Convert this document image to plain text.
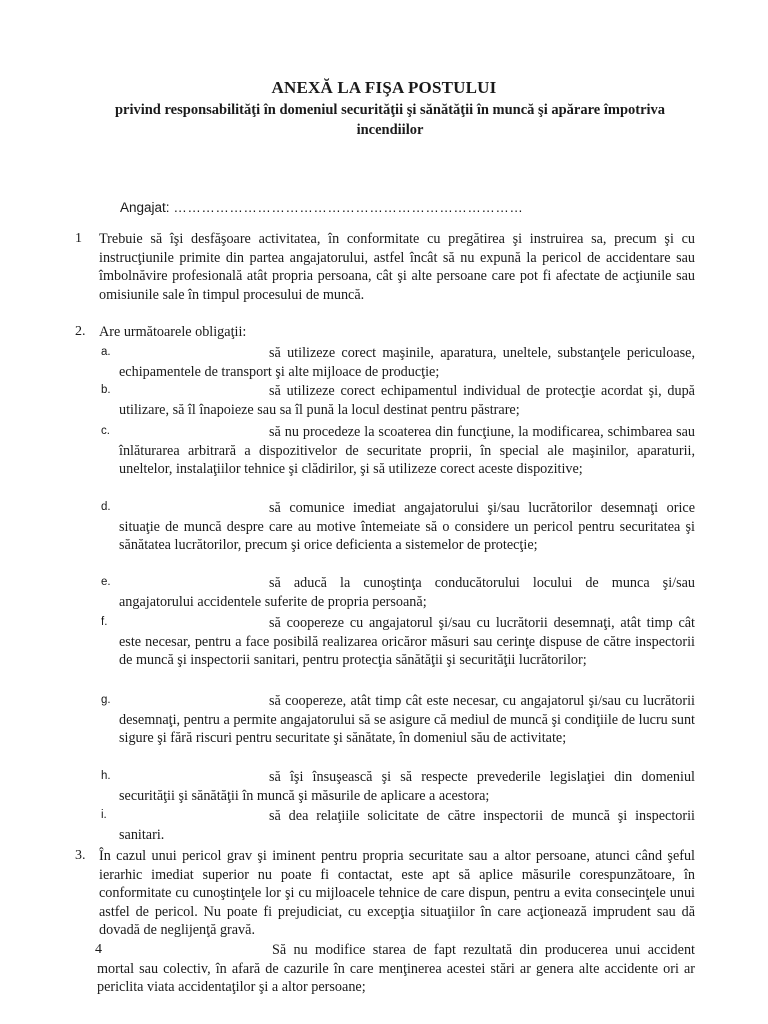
ANEXĂ LA FIŞA POSTULUI
privind responsabilităţi în domeniul securităţii şi sănătăţii în muncă şi apărare împotriva incendiilor
Angajat: …………………………………………………………………
1 Trebuie să îşi desfăşoare activitatea, în conformitate cu pregătirea şi instruirea sa, precum şi cu instrucţiunile primite din partea angajatorului, astfel încât să nu expună la pericol de accidentare sau îmbolnăvire profesională atât propria persoana, cât şi alte persoane care pot fi afectate de acţiunile sau omisiunile sale în timpul procesului de muncă.
2. Are următoarele obligaţii:
a.	să utilizeze corect maşinile, aparatura, uneltele, substanţele periculoase, echipamentele de transport şi alte mijloace de producţie;
b.	să utilizeze corect echipamentul individual de protecţie acordat şi, după utilizare, să îl înapoieze sau sa îl pună la locul destinat pentru păstrare;
c.	să nu procedeze la scoaterea din funcţiune, la modificarea, schimbarea sau înlăturarea arbitrară a dispozitivelor de securitate proprii, în special ale maşinilor, aparaturii, uneltelor, instalaţiilor tehnice şi clădirilor, şi să utilizeze corect aceste dispozitive;
d.	să comunice imediat angajatorului şi/sau lucrătorilor desemnaţi orice situaţie de muncă despre care au motive întemeiate să o considere un pericol pentru securitatea şi sănătatea lucrătorilor, precum şi orice deficienta a sistemelor de protecţie;
e.	să aducă la cunoştinţa conducătorului locului de munca şi/sau angajatorului accidentele suferite de propria persoană;
f.	să coopereze cu angajatorul şi/sau cu lucrătorii desemnaţi, atât timp cât este necesar, pentru a face posibilă realizarea oricăror măsuri sau cerinţe dispuse de către inspectorii de muncă şi inspectorii sanitari, pentru protecţia sănătăţii şi securităţii lucrătorilor;
g.	să coopereze, atât timp cât este necesar, cu angajatorul şi/sau cu lucrătorii desemnaţi, pentru a permite angajatorului să se asigure că mediul de muncă şi condiţiile de lucru sunt sigure şi fără riscuri pentru securitate şi sănătate, în domeniul său de activitate;
h.	să îşi însuşească şi să respecte prevederile legislaţiei din domeniul securităţii şi sănătăţii în muncă şi măsurile de aplicare a acestora;
i.	să dea relaţiile solicitate de către inspectorii de muncă şi inspectorii sanitari.
3. În cazul unui pericol grav şi iminent pentru propria securitate sau a altor persoane, atunci când şeful ierarhic imediat superior nu poate fi contactat, este apt să aplice măsurile corespunzătoare, în conformitate cu cunoştinţele lor şi cu mijloacele tehnice de care dispun, pentru a evita consecinţele unui astfel de pericol. Nu poate fi prejudiciat, cu excepţia situaţiilor în care acţionează imprudent sau dă dovadă de neglijenţă gravă.
4	Să nu modifice starea de fapt rezultată din producerea unui accident mortal sau colectiv, în afară de cazurile în care menţinerea acestei stări ar genera alte accidente ori ar periclita viata accidentaţilor şi a altor persoane;
